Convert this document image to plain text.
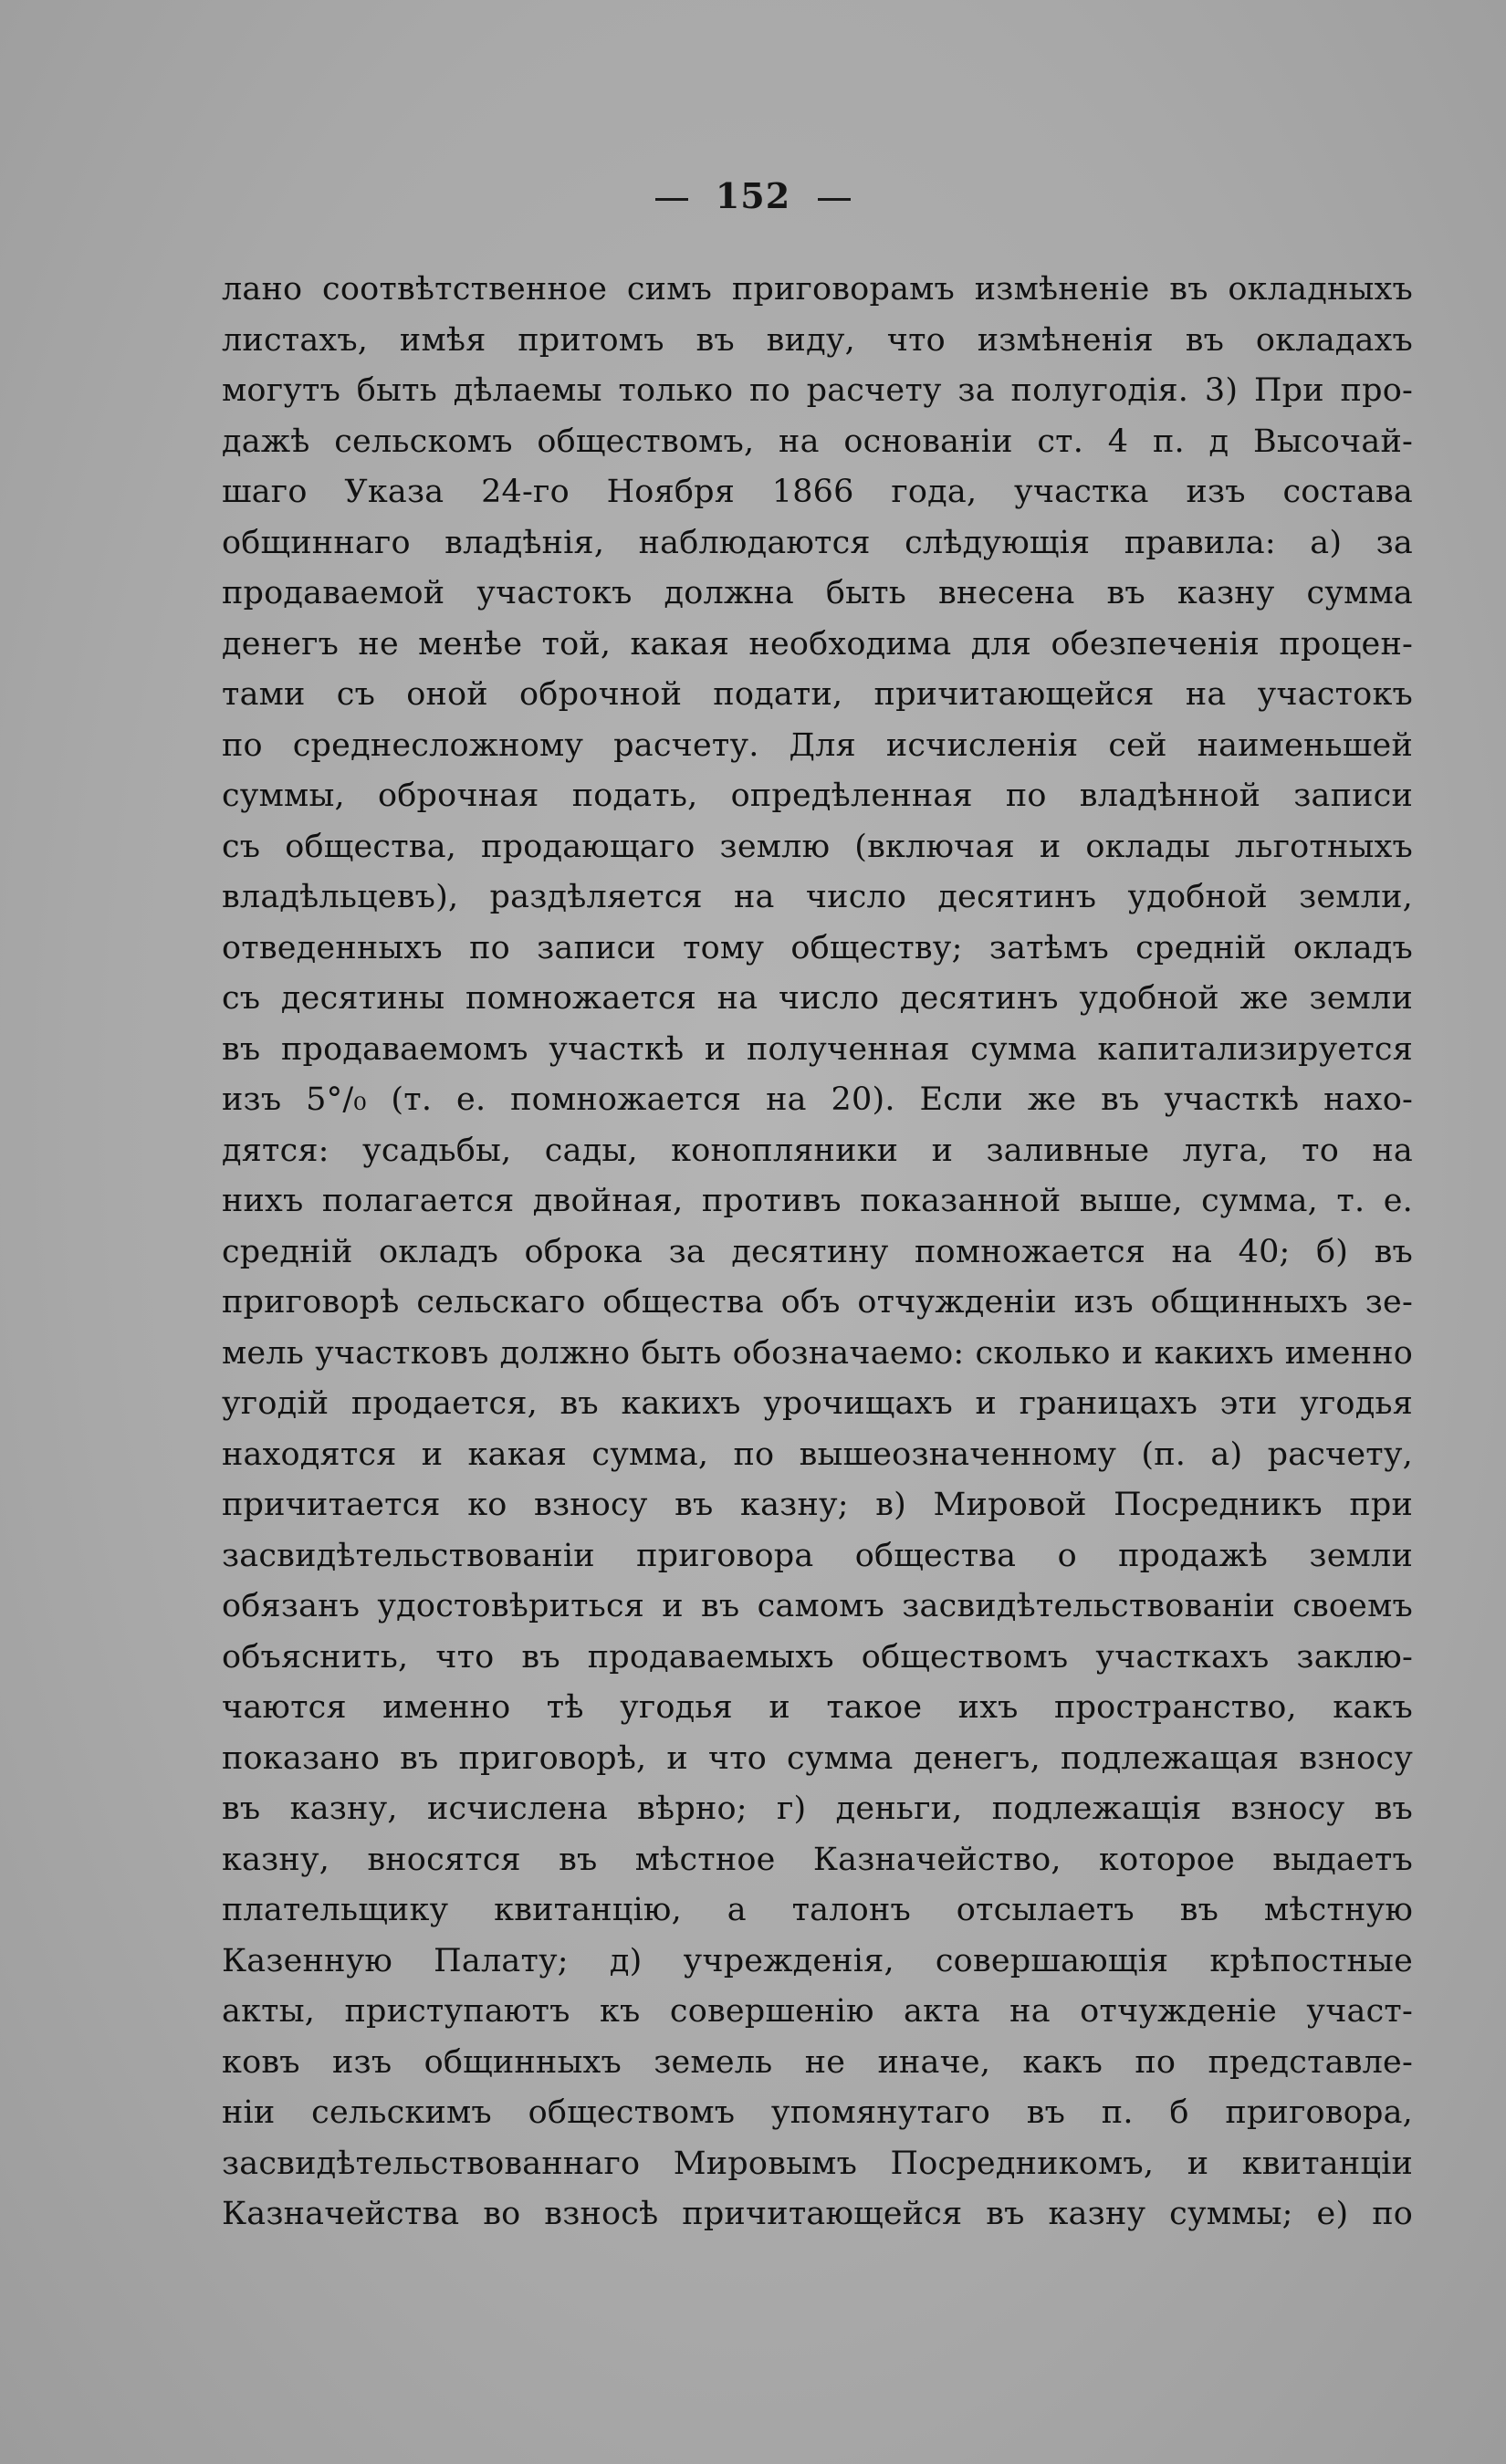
152
лано соотвѣтственное симъ приговорамъ измѣненіе въ окладныхъ
листахъ, имѣя притомъ въ виду, что измѣненія въ окладахъ
могутъ быть дѣлаемы только по расчету за полугодія. 3) При про-
дажѣ сельскомъ обществомъ, на основаніи ст. 4 п. д Высочай-
шаго Указа 24-го Ноября 1866 года, участка изъ состава
общиннаго владѣнія, наблюдаются слѣдующія правила: а) за
продаваемой участокъ должна быть внесена въ казну сумма
денегъ не менѣе той, какая необходима для обезпеченія процен-
тами съ оной оброчной подати, причитающейся на участокъ
по среднесложному расчету. Для исчисленія сей наименьшей
суммы, оброчная подать, опредѣленная по владѣнной записи
съ общества, продающаго землю (включая и оклады льготныхъ
владѣльцевъ), раздѣляется на число десятинъ удобной земли,
отведенныхъ по записи тому обществу; затѣмъ среднiй окладъ
съ десятины помножается на число десятинъ удобной же земли
въ продаваемомъ участкѣ и полученная сумма капитализируется
изъ 5°/₀ (т. е. помножается на 20). Если же въ участкѣ нахо-
дятся: усадьбы, сады, конопляники и заливные луга, то на
нихъ полагается двойная, противъ показанной выше, сумма, т. е.
среднiй окладъ оброка за десятину помножается на 40; б) въ
приговорѣ сельскаго общества объ отчужденіи изъ общинныхъ зе-
мель участковъ должно быть обозначаемо: сколько и какихъ именно
угодiй продается, въ какихъ урочищахъ и границахъ эти угодья
находятся и какая сумма, по вышеозначенному (п. а) расчету,
причитается ко взносу въ казну; в) Мировой Посредникъ при
засвидѣтельствованіи приговора общества о продажѣ земли
обязанъ удостовѣриться и въ самомъ засвидѣтельствованіи своемъ
объяснить, что въ продаваемыхъ обществомъ участкахъ заклю-
чаются именно тѣ угодья и такое ихъ пространство, какъ
показано въ приговорѣ, и что сумма денегъ, подлежащая взносу
въ казну, исчислена вѣрно; г) деньги, подлежащія взносу въ
казну, вносятся въ мѣстное Казначейство, которое выдаетъ
плательщику квитанцію, а талонъ отсылаетъ въ мѣстную
Казенную Палату; д) учрежденія, совершающія крѣпостные
акты, приступаютъ къ совершенію акта на отчужденіе участ-
ковъ изъ общинныхъ земель не иначе, какъ по представле-
нiи сельскимъ обществомъ упомянутаго въ п. б приговора,
засвидѣтельствованнаго Мировымъ Посредникомъ, и квитанціи
Казначейства во взносѣ причитающейся въ казну суммы; е) по
